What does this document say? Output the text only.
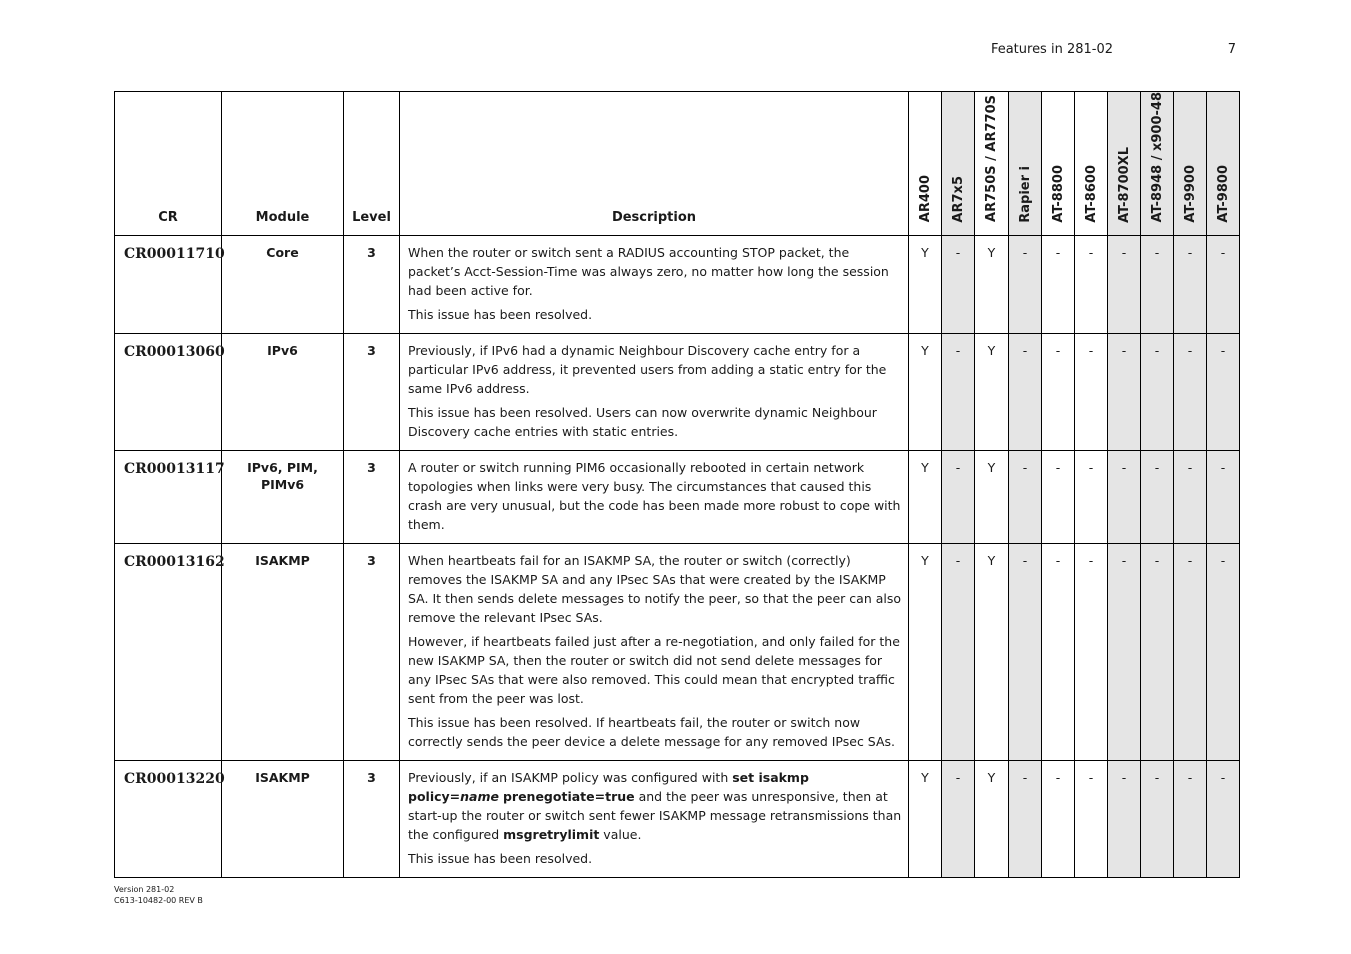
Features in 281-02	7
CR	Module	Level	Description	AR400	AR7x5	AR750S / AR770S	Rapier i	AT-8800	AT-8600	AT-8700XL	AT-8948 / x900-48	AT-9900	AT-9800
CR00011710	Core	3	When the router or switch sent a RADIUS accounting STOP packet, the packet’s Acct-Session-Time was always zero, no matter how long the session had been active for.

This issue has been resolved.	Y	-	Y	-	-	-	-	-	-	-
CR00013060	IPv6	3	Previously, if IPv6 had a dynamic Neighbour Discovery cache entry for a particular IPv6 address, it prevented users from adding a static entry for the same IPv6 address.

This issue has been resolved. Users can now overwrite dynamic Neighbour Discovery cache entries with static entries.	Y	-	Y	-	-	-	-	-	-	-
CR00013117	IPv6, PIM, PIMv6	3	A router or switch running PIM6 occasionally rebooted in certain network topologies when links were very busy. The circumstances that caused this crash are very unusual, but the code has been made more robust to cope with them.	Y	-	Y	-	-	-	-	-	-	-
CR00013162	ISAKMP	3	When heartbeats fail for an ISAKMP SA, the router or switch (correctly) removes the ISAKMP SA and any IPsec SAs that were created by the ISAKMP SA. It then sends delete messages to notify the peer, so that the peer can also remove the relevant IPsec SAs.

However, if heartbeats failed just after a re-negotiation, and only failed for the new ISAKMP SA, then the router or switch did not send delete messages for any IPsec SAs that were also removed. This could mean that encrypted traffic sent from the peer was lost.

This issue has been resolved. If heartbeats fail, the router or switch now correctly sends the peer device a delete message for any removed IPsec SAs.	Y	-	Y	-	-	-	-	-	-	-
CR00013220	ISAKMP	3	Previously, if an ISAKMP policy was configured with set isakmp policy=name prenegotiate=true and the peer was unresponsive, then at start-up the router or switch sent fewer ISAKMP message retransmissions than the configured msgretrylimit value.

This issue has been resolved.	Y	-	Y	-	-	-	-	-	-	-
Version 281-02
C613-10482-00 REV B
